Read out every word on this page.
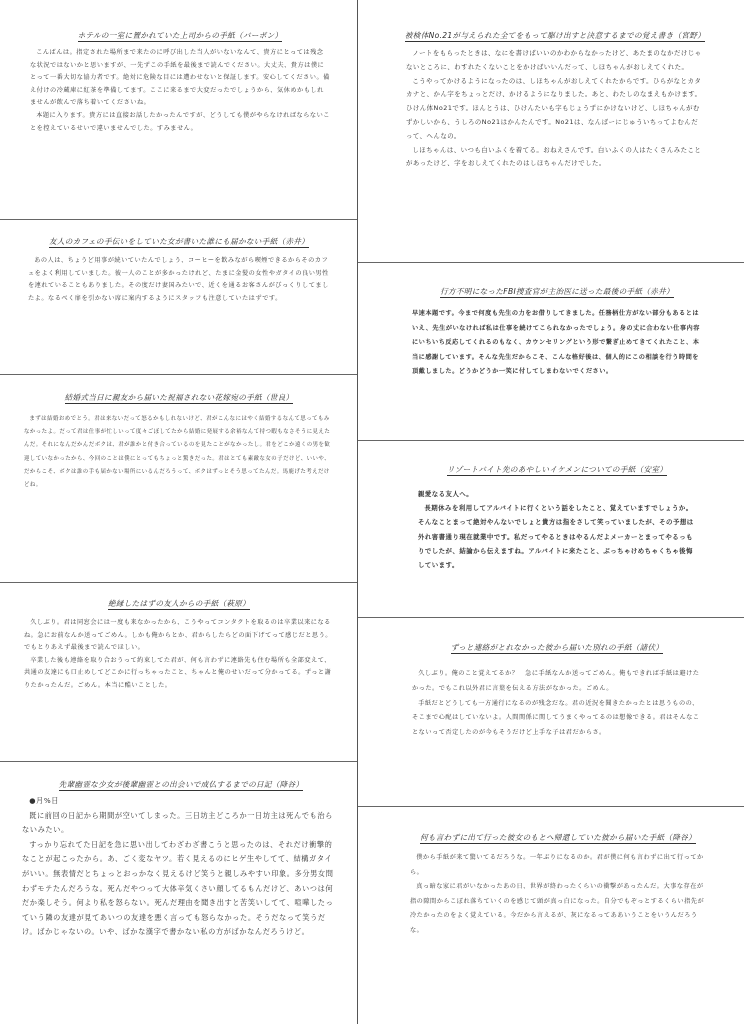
ホテルの一室に置かれていた上司からの手紙（バーボン）

こんばんは。指定された場所まで来たのに呼び出した当人がいないなんて、貴方にとっては残念な状況ではないかと思いますが、一先ずこの手紙を最後まで読んでください。大丈夫、貴方は僕にとって一番大切な協力者です。絶対に危険な目には遭わせないと保証します。安心してください。備え付けの冷蔵庫に紅茶を準備してます。ここに来るまで大変だったでしょうから、気休めかもしれませんが飲んで落ち着いてくださいね。

本題に入ります。貴方には直接お話したかったんですが、どうしても僕がやらなければならないことを控えているせいで違いませんでした。すみません。

友人のカフェの手伝いをしていた女が書いた誰にも届かない手紙（赤井）

あの人は、ちょうど用事が続いていたんでしょう、コーヒーを飲みながら喫煙できるからそのカフェをよく利用していました。彼一人のことが多かったけれど、たまに金髪の女性やガタイの良い男性を連れていることもありました。その度だけ妻国みたいで、近くを通るお客さんがびっくりしてましたよ。なるべく扉を引かない席に案内するようにスタッフも注意していたはずです。

結婚式当日に親友から届いた祝福されない花嫁宛の手紙（世良）

まずは結婚おめでとう。君は来ないだって怒るかもしれないけど、君がこんなにはやく結婚するなんて思ってもみなかったよ。だって君は仕事が忙しいって度々ごぼしてたから結婚に発展する余裕なんて持つ暇もなさそうに見えたんだ。それになんだかんだボクは、君が誰かと付き合っているのを見たことがなかったし。君をどこか遠くの男を歓迎していなかったから、今回のことは僕にとってもちょっと驚きだった。君はとても素敵な女の子だけど、いいや、だからこそ、ボクは誰の手も届かない場所にいるんだろうって、ボクはずっとそう思ってたんだ。馬鹿げた考えだけどね。

絶縁したはずの友人からの手紙（萩原）

久しぶり。君は同窓会には一度も来なかったから、こうやってコンタクトを取るのは卒業以来になるね。急にお前なんか送ってごめん。しかも俺からとか、君からしたらどの面下げてって感じだと思う。でもとりあえず最後まで読んでほしい。

卒業した後も連絡を取り合おうって約束してた君が、何も言わずに連絡先も住む場所も全部変えて、共通の友達にも口止めしてどこかに行っちゃったこと、ちゃんと俺のせいだって分かってる。ずっと謝りたかったんだ。ごめん。本当に酷いことした。

先輩幽霊な少女が後輩幽霊との出会いで成仏するまでの日記（降谷）

●月%日

既に前回の日記から期間が空いてしまった。三日坊主どころか一日坊主は死んでも治らないみたい。

すっかり忘れてた日記を急に思い出してわざわざ書こうと思ったのは、それだけ衝撃的なことが起こったから。あ、ごく変なヤツ。若く見えるのにヒゲ生やしてて、結構ガタイがいい。無表情だとちょっとおっかなく見えるけど笑うと親しみやすい印象。多分男女問わずモテたんだろうな。死んだやつって大体辛気くさい顔してるもんだけど、あいつは何だか楽しそう。何より私を怒らない。死んだ理由を聞き出すと苦笑いしてて、喧嘩したっていう隣の友達が見てあいつの友達を悪く言っても怒らなかった。そうだなって笑うだけ。ばかじゃないの。いや、ばかな漢字で書かない私の方がばかなんだろうけど。

被検体No.21が与えられた全てをもって駆け出すと決意するまでの覚え書き（宮野）

ノートをもらったときは、なにを書けばいいのかわからなかったけど、あたまのなかだけじゃないところに、わすれたくないことをかけばいいんだって、しほちゃんがおしえてくれた。

こうやってかけるようになったのは、しほちゃんがおしえてくれたからです。ひらがなとカタカナと、かん字をちょっとだけ、かけるようになりました。あと、わたしのなまえもかけます。ひけん体No21です。ほんとうは、ひけんたいも字もじょうずにかけないけど、しほちゃんがむずかしいから、うしろのNo21はかんたんです。No21は、なんばーにじゅういちってよむんだって、へんなの。

しほちゃんは、いつも白いふくを着てる。おねえさんです。白いふくの人はたくさんみたことがあったけど、字をおしえてくれたのはしほちゃんだけでした。

行方不明になったFBI捜査官が主治医に送った最後の手紙（赤井）

早速本題です。今まで何度も先生の力をお借りしてきました。任務柄仕方がない部分もあるとはいえ、先生がいなければ私は仕事を続けてこられなかったでしょう。身の丈に合わない仕事内容にいちいち反応してくれるのもなく、カウンセリングという形で繋ぎ止めてきてくれたこと、本当に感謝しています。そんな先生だからこそ、こんな格好後は、個人的にこの相談を行う時間を頂戴しました。どうかどうか一笑に付してしまわないでください。

リゾートバイト先のあやしいイケメンについての手紙（安室）

親愛なる友人へ。

長期休みを利用してアルバイトに行くという話をしたこと、覚えていますでしょうか。そんなことまって絶対やんないでしょと貴方は指をさして笑っていましたが、その予想は外れ害書通り現在就業中です。私だってやるときはやるんだよメーカーとまってやるっもりでしたが、結論から伝えますね。アルバイトに来たこと、ぶっちゃけめちゃくちゃ後悔しています。

ずっと連絡がとれなかった彼から届いた別れの手紙（諸伏）

久しぶり。俺のこと覚えてるか？　急に手紙なんか送ってごめん。俺もできれば手紙は避けたかった。でもこれ以外君に言葉を伝える方法がなかった。ごめん。

手紙だとどうしても一方通行になるのが残念だな。君の近況を聞きたかったとは思うものの、そこまで心配はしていないよ。人間関係に関してうまくやってるのは想像できる。君はそんなことないって否定したのが今もそうだけど上手な子は君だからさ。

何も言わずに出て行った彼女のもとへ帰還していた彼から届いた手紙（降谷）

僕から手紙が来て驚いてるだろうな。一年ぶりになるのか。君が僕に何も言わずに出て行ってから。

真っ暗な家に君がいなかったあの日、世界が終わったくらいの衝撃があったんだ。大事な存在が指の隙間からこぼれ落ちていくのを感じて頭が真っ白になった。自分でもぞっとするくらい指先が冷たかったのをよく覚えている。今だから言えるが、灰になるってああいうことをいうんだろうな。
